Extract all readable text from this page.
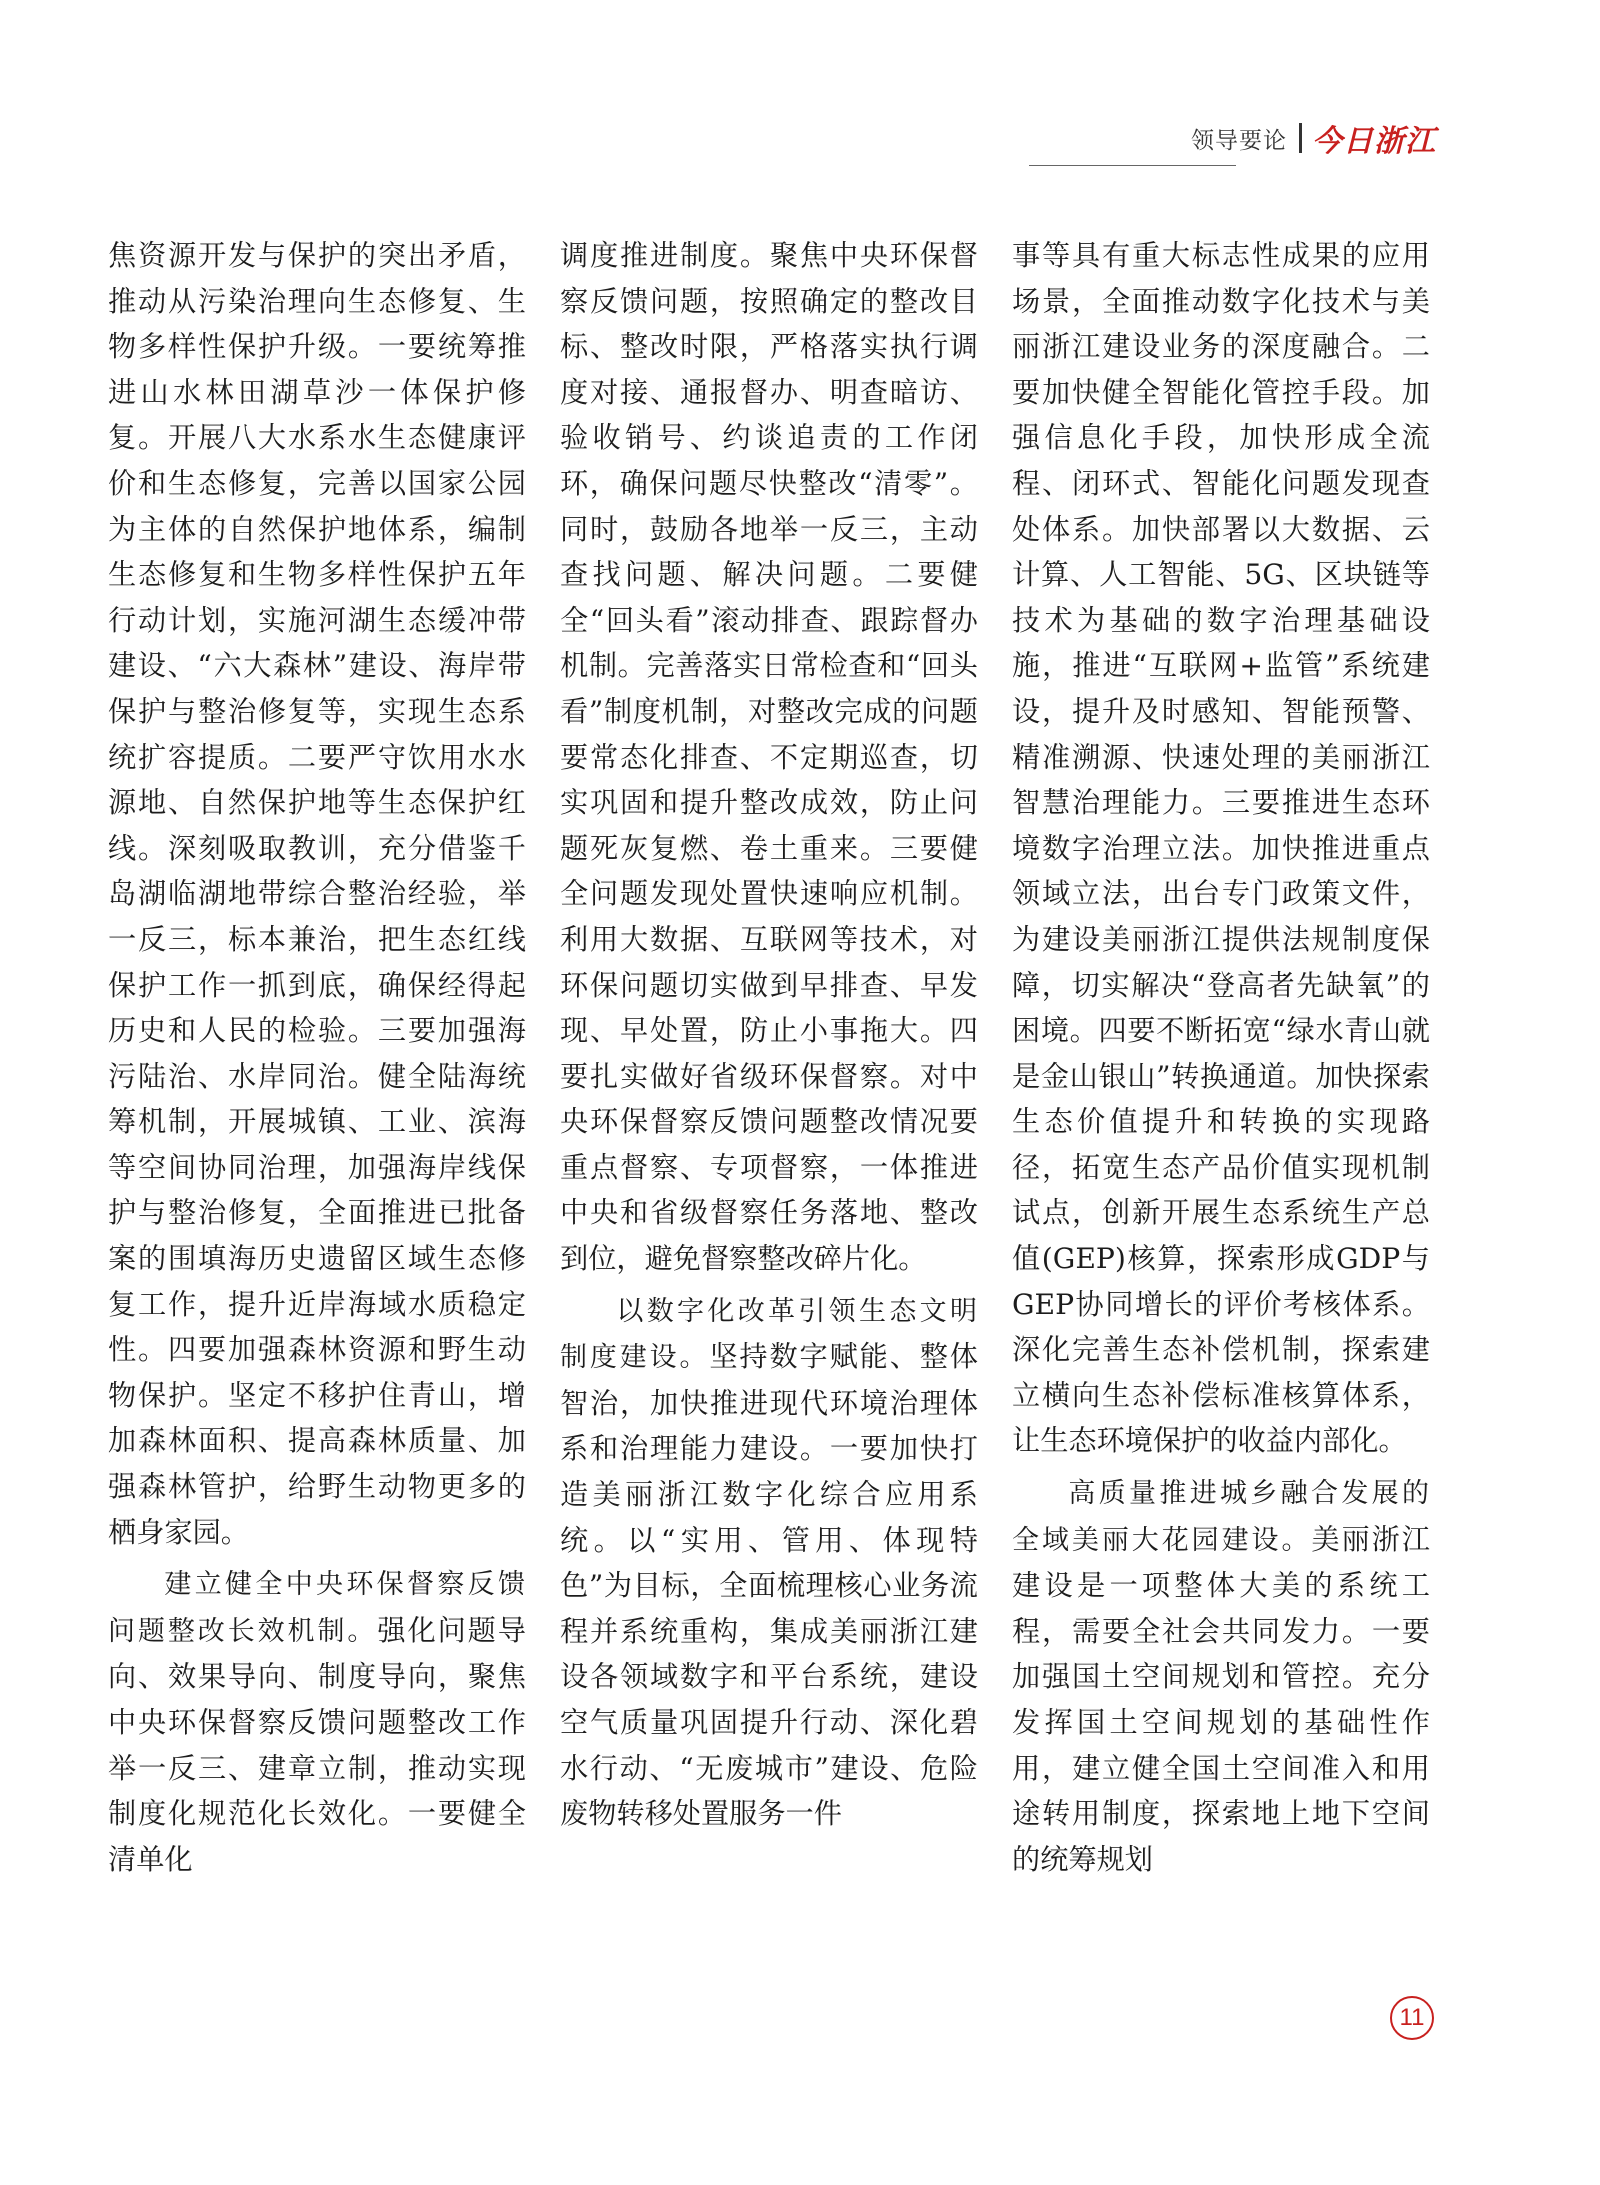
领导要论 今日浙江

焦资源开发与保护的突出矛盾，推动从污染治理向生态修复、生物多样性保护升级。一要统筹推进山水林田湖草沙一体保护修复。开展八大水系水生态健康评价和生态修复，完善以国家公园为主体的自然保护地体系，编制生态修复和生物多样性保护五年行动计划，实施河湖生态缓冲带建设、“六大森林”建设、海岸带保护与整治修复等，实现生态系统扩容提质。二要严守饮用水水源地、自然保护地等生态保护红线。深刻吸取教训，充分借鉴千岛湖临湖地带综合整治经验，举一反三，标本兼治，把生态红线保护工作一抓到底，确保经得起历史和人民的检验。三要加强海污陆治、水岸同治。健全陆海统筹机制，开展城镇、工业、滨海等空间协同治理，加强海岸线保护与整治修复，全面推进已批备案的围填海历史遗留区域生态修复工作，提升近岸海域水质稳定性。四要加强森林资源和野生动物保护。坚定不移护住青山，增加森林面积、提高森林质量、加强森林管护，给野生动物更多的栖身家园。

建立健全中央环保督察反馈问题整改长效机制。强化问题导向、效果导向、制度导向，聚焦中央环保督察反馈问题整改工作举一反三、建章立制，推动实现制度化规范化长效化。一要健全清单化

调度推进制度。聚焦中央环保督察反馈问题，按照确定的整改目标、整改时限，严格落实执行调度对接、通报督办、明查暗访、验收销号、约谈追责的工作闭环，确保问题尽快整改“清零”。同时，鼓励各地举一反三，主动查找问题、解决问题。二要健全“回头看”滚动排查、跟踪督办机制。完善落实日常检查和“回头看”制度机制，对整改完成的问题要常态化排查、不定期巡查，切实巩固和提升整改成效，防止问题死灰复燃、卷土重来。三要健全问题发现处置快速响应机制。利用大数据、互联网等技术，对环保问题切实做到早排查、早发现、早处置，防止小事拖大。四要扎实做好省级环保督察。对中央环保督察反馈问题整改情况要重点督察、专项督察，一体推进中央和省级督察任务落地、整改到位，避免督察整改碎片化。

以数字化改革引领生态文明制度建设。坚持数字赋能、整体智治，加快推进现代环境治理体系和治理能力建设。一要加快打造美丽浙江数字化综合应用系统。以“实用、管用、体现特色”为目标，全面梳理核心业务流程并系统重构，集成美丽浙江建设各领域数字和平台系统，建设空气质量巩固提升行动、深化碧水行动、“无废城市”建设、危险废物转移处置服务一件

事等具有重大标志性成果的应用场景，全面推动数字化技术与美丽浙江建设业务的深度融合。二要加快健全智能化管控手段。加强信息化手段，加快形成全流程、闭环式、智能化问题发现查处体系。加快部署以大数据、云计算、人工智能、5G、区块链等技术为基础的数字治理基础设施，推进“互联网+监管”系统建设，提升及时感知、智能预警、精准溯源、快速处理的美丽浙江智慧治理能力。三要推进生态环境数字治理立法。加快推进重点领域立法，出台专门政策文件，为建设美丽浙江提供法规制度保障，切实解决“登高者先缺氧”的困境。四要不断拓宽“绿水青山就是金山银山”转换通道。加快探索生态价值提升和转换的实现路径，拓宽生态产品价值实现机制试点，创新开展生态系统生产总值(GEP)核算，探索形成GDP与GEP协同增长的评价考核体系。深化完善生态补偿机制，探索建立横向生态补偿标准核算体系，让生态环境保护的收益内部化。

高质量推进城乡融合发展的全域美丽大花园建设。美丽浙江建设是一项整体大美的系统工程，需要全社会共同发力。一要加强国土空间规划和管控。充分发挥国土空间规划的基础性作用，建立健全国土空间准入和用途转用制度，探索地上地下空间的统筹规划

11
